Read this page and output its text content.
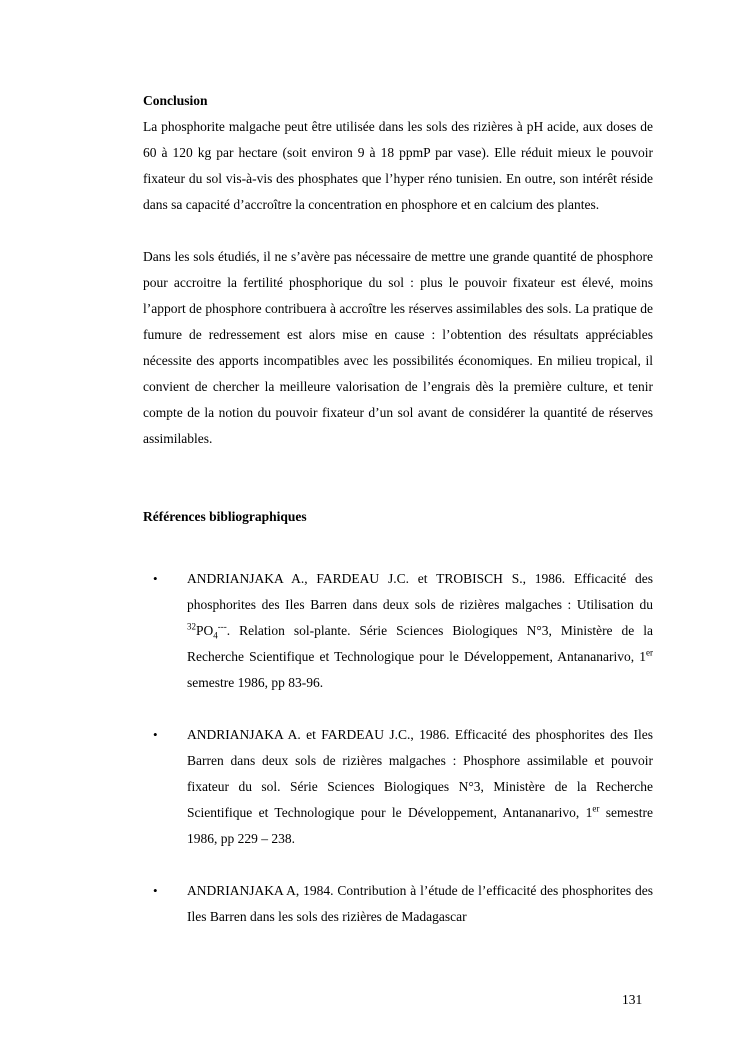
Conclusion

La phosphorite malgache peut être utilisée dans les sols des rizières à pH acide, aux doses de 60 à 120 kg par hectare (soit environ 9 à 18 ppmP par vase). Elle réduit mieux le pouvoir fixateur du sol vis-à-vis des phosphates que l’hyper réno tunisien. En outre, son intérêt réside dans sa capacité d’accroître la concentration en phosphore et en calcium des plantes.

Dans les sols étudiés, il ne s’avère pas nécessaire de mettre une grande quantité de phosphore pour accroitre la fertilité phosphorique du sol : plus le pouvoir fixateur est élevé, moins l’apport de phosphore contribuera à accroître les réserves assimilables des sols. La pratique de fumure de redressement est alors mise en cause : l’obtention des résultats appréciables nécessite des apports incompatibles avec les possibilités économiques. En milieu tropical, il convient de chercher la meilleure valorisation de l’engrais dès la première culture, et tenir compte de la notion du pouvoir fixateur d’un sol avant de considérer la quantité de réserves assimilables.

Références bibliographiques

• ANDRIANJAKA A., FARDEAU J.C. et TROBISCH S., 1986. Efficacité des phosphorites des Iles Barren dans deux sols de rizières malgaches : Utilisation du $^{32}PO_4^{---}$. Relation sol-plante. Série Sciences Biologiques N°3, Ministère de la Recherche Scientifique et Technologique pour le Développement, Antananarivo, 1er semestre 1986, pp 83-96.
• ANDRIANJAKA A. et FARDEAU J.C., 1986. Efficacité des phosphorites des Iles Barren dans deux sols de rizières malgaches : Phosphore assimilable et pouvoir fixateur du sol. Série Sciences Biologiques N°3, Ministère de la Recherche Scientifique et Technologique pour le Développement, Antananarivo, 1er semestre 1986, pp 229 – 238.
• ANDRIANJAKA A, 1984. Contribution à l’étude de l’efficacité des phosphorites des Iles Barren dans les sols des rizières de Madagascar
131
